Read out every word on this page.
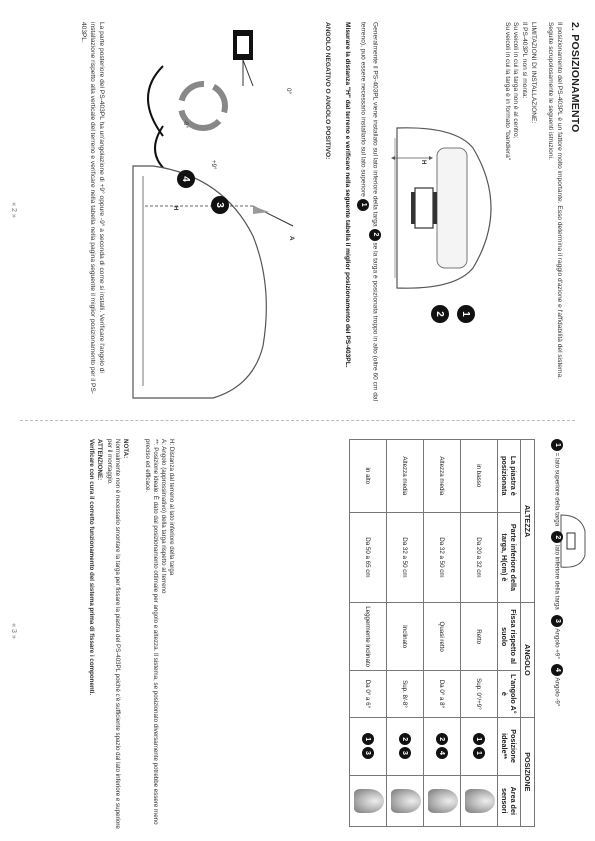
2. POSIZIONAMENTO
Il posizionamento del PS-403PL è un fattore molto importante. Esso determina il raggio d'azione e l'affidabilità del sistema. Seguite scrupolosamente le seguenti istruzioni.
LIMITAZIONI DI INSTALLAZIONE:
Il PS-403PL non si monta:
Su veicoli in cui la targa non è al centro;
Su veicoli in cui la targa è in formato "bandiera"
H
1
2
Generalmente il PS-403PL viene installato sul lato inferiore della targa 2 se la targa è posizionata troppo in alto (oltre 60 cm dal terreno), può essere necessario installarlo sul lato superiore 1
Misurare la distanza "H" dal terreno e verificare nella seguente tabella il miglior posizionamento del PS-403PL.
ANGOLO NEGATIVO O ANGOLO POSITIVO:
0°
+9°
-9°
3
4
H
A
La parte posteriore del PS-403PL ha un'angolazione di +9° oppure -9° a seconda di come si installi. Verificare l'angolo di installazione rispetto alla verticale del terreno e verificare nella tabella nella pagina seguente il miglior posizionamento per il PS-403PL.
« 2 »
1 = lato superiore della targa   2 lato inferiore della targa   3 Angolo +9°   4 Angolo -9°
ALTEZZA		ANGOLO		POSIZIONE	
La piastra è posizionata	Parte inferiore della targa, H(cm) è	Fissa rispetto al suolo	L'angolo A° è	Posizione ideale**	Area dei sensori
in basso	Da 20 a 32 cm	Retto	Sup. 0°/+9°	1 1	
Altezza media	Da 32 a 50 cm	Quasi retto	Da 0° a 8°	2 4	
Altezza media	Da 32 a 50 cm	Inclinato	Sup. 8/-8°	2 3	
in alto	Da 50 a 65 cm	Leggermente inclinato	Da 0° a 6°	1 3	
H: Distanza dal terreno al lato inferiore della targa
A: Angolo (approssimativo) della targa rispetto al terreno
**: Posizione ideale: È dato dal posizionamento ottimale per angolo e altezza. Il sistema, se posizionato diversamente potrebbe essere meno preciso ed efficace.
NOTA:
Normalmente non è necessario smontare la targa per fissare la piastra del PS-403PL poiché c'è sufficiente spazio dal lato inferiore e superiore per il montaggio.
ATTENZIONE:
Verificare con cura il corretto funzionamento del sistema prima di fissare i componenti.
« 3 »
